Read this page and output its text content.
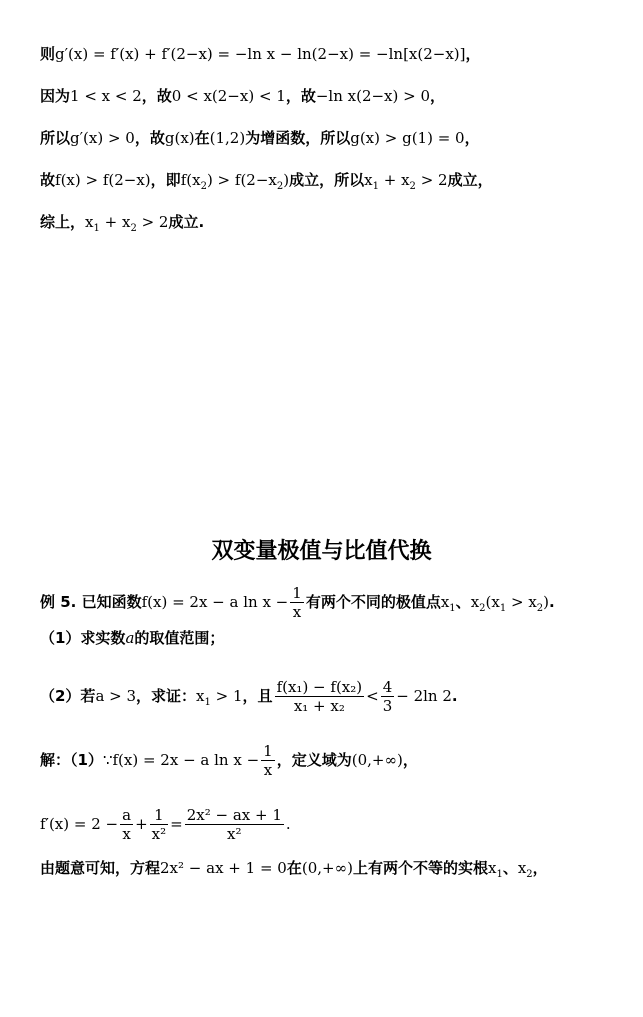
则g′(x) = f′(x) + f′(2−x) = −ln x − ln(2−x) = −ln[x(2−x)]，
因为1 < x < 2，故0 < x(2−x) < 1，故−ln x(2−x) > 0，
所以g′(x) > 0，故g(x)在(1,2)为增函数，所以g(x) > g(1) = 0，
故f(x) > f(2−x)，即$f(x_2) > f(2-x_2)$成立，所以$x_1 + x_2 > 2$成立，
综上，$x_1 + x_2 > 2$成立.
双变量极值与比值代换
例 5. 已知函数f(x) = 2x − a $\ln x - \frac{1}{x}$ 有两个不同的极值点$x_1$、$x_2(x_1 > x_2)$.
（1）求实数a的取值范围；
（2）若a > 3，求证：$x_1 > 1$，且 $\frac{\text{f(x₁) − f(x₂)}}{\text{x₁ + x₂}} < \frac{4}{3} - 2\ln$ 2.
解：（1）∵f(x) = 2x − a $\ln x - \frac{1}{x}$ ，定义域为(0,+∞)，
$f'(x) = 2 - \frac{a}{x} + \frac{1}{\text{x²}} = \frac{\text{2x² − ax + 1}}{\text{x²}}$ .
由题意可知，方程2x² − ax + 1 = 0在(0,+∞)上有两个不等的实根$x_1$、$x_2$，
